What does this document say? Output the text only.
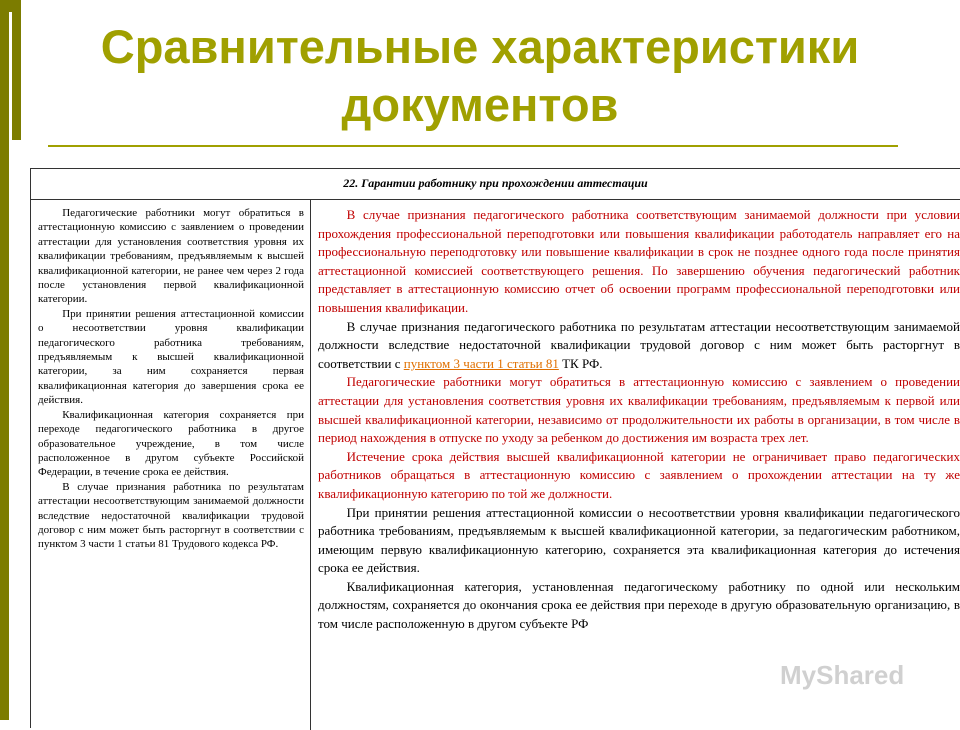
Сравнительные характеристики
документов
22. Гарантии работнику при прохождении аттестации

Педагогические работники могут обратиться в аттестационную комиссию с заявлением о проведении аттестации для установления соответствия уровня их квалификации требованиям, предъявляемым к высшей квалификационной категории, не ранее чем через 2 года после установления первой квалификационной категории.

При принятии решения аттестационной комиссии о несоответствии уровня квалификации педагогического работника требованиям, предъявляемым к высшей квалификационной категории, за ним сохраняется первая квалификационная категория до завершения срока ее действия.

Квалификационная категория сохраняется при переходе педагогического работника в другое образовательное учреждение, в том числе расположенное в другом субъекте Российской Федерации, в течение срока ее действия.

В случае признания работника по результатам аттестации несоответствующим занимаемой должности вследствие недостаточной квалификации трудовой договор с ним может быть расторгнут в соответствии с пунктом 3 части 1 статьи 81 Трудового кодекса РФ.

В случае признания педагогического работника соответствующим занимаемой должности при условии прохождения профессиональной переподготовки или повышения квалификации работодатель направляет его на профессиональную переподготовку или повышение квалификации в срок не позднее одного года после принятия аттестационной комиссией соответствующего решения. По завершению обучения педагогический работник представляет в аттестационную комиссию отчет об освоении программ профессиональной переподготовки или повышения квалификации.

В случае признания педагогического работника по результатам аттестации несоответствующим занимаемой должности вследствие недостаточной квалификации трудовой договор с ним может быть расторгнут в соответствии с пунктом 3 части 1 статьи 81 ТК РФ.

Педагогические работники могут обратиться в аттестационную комиссию с заявлением о проведении аттестации для установления соответствия уровня их квалификации требованиям, предъявляемым к первой или высшей квалификационной категории, независимо от продолжительности их работы в организации, в том числе в период нахождения в отпуске по уходу за ребенком до достижения им возраста трех лет.

Истечение срока действия высшей квалификационной категории не ограничивает право педагогических работников обращаться в аттестационную комиссию с заявлением о прохождении аттестации на ту же квалификационную категорию по той же должности.

При принятии решения аттестационной комиссии о несоответствии уровня квалификации педагогического работника требованиям, предъявляемым к высшей квалификационной категории, за педагогическим работником, имеющим первую квалификационную категорию, сохраняется эта квалификационная категория до истечения срока ее действия.

Квалификационная категория, установленная педагогическому работнику по одной или нескольким должностям, сохраняется до окончания срока ее действия при переходе в другую образовательную организацию, в том числе расположенную в другом субъекте РФ

MyShared
